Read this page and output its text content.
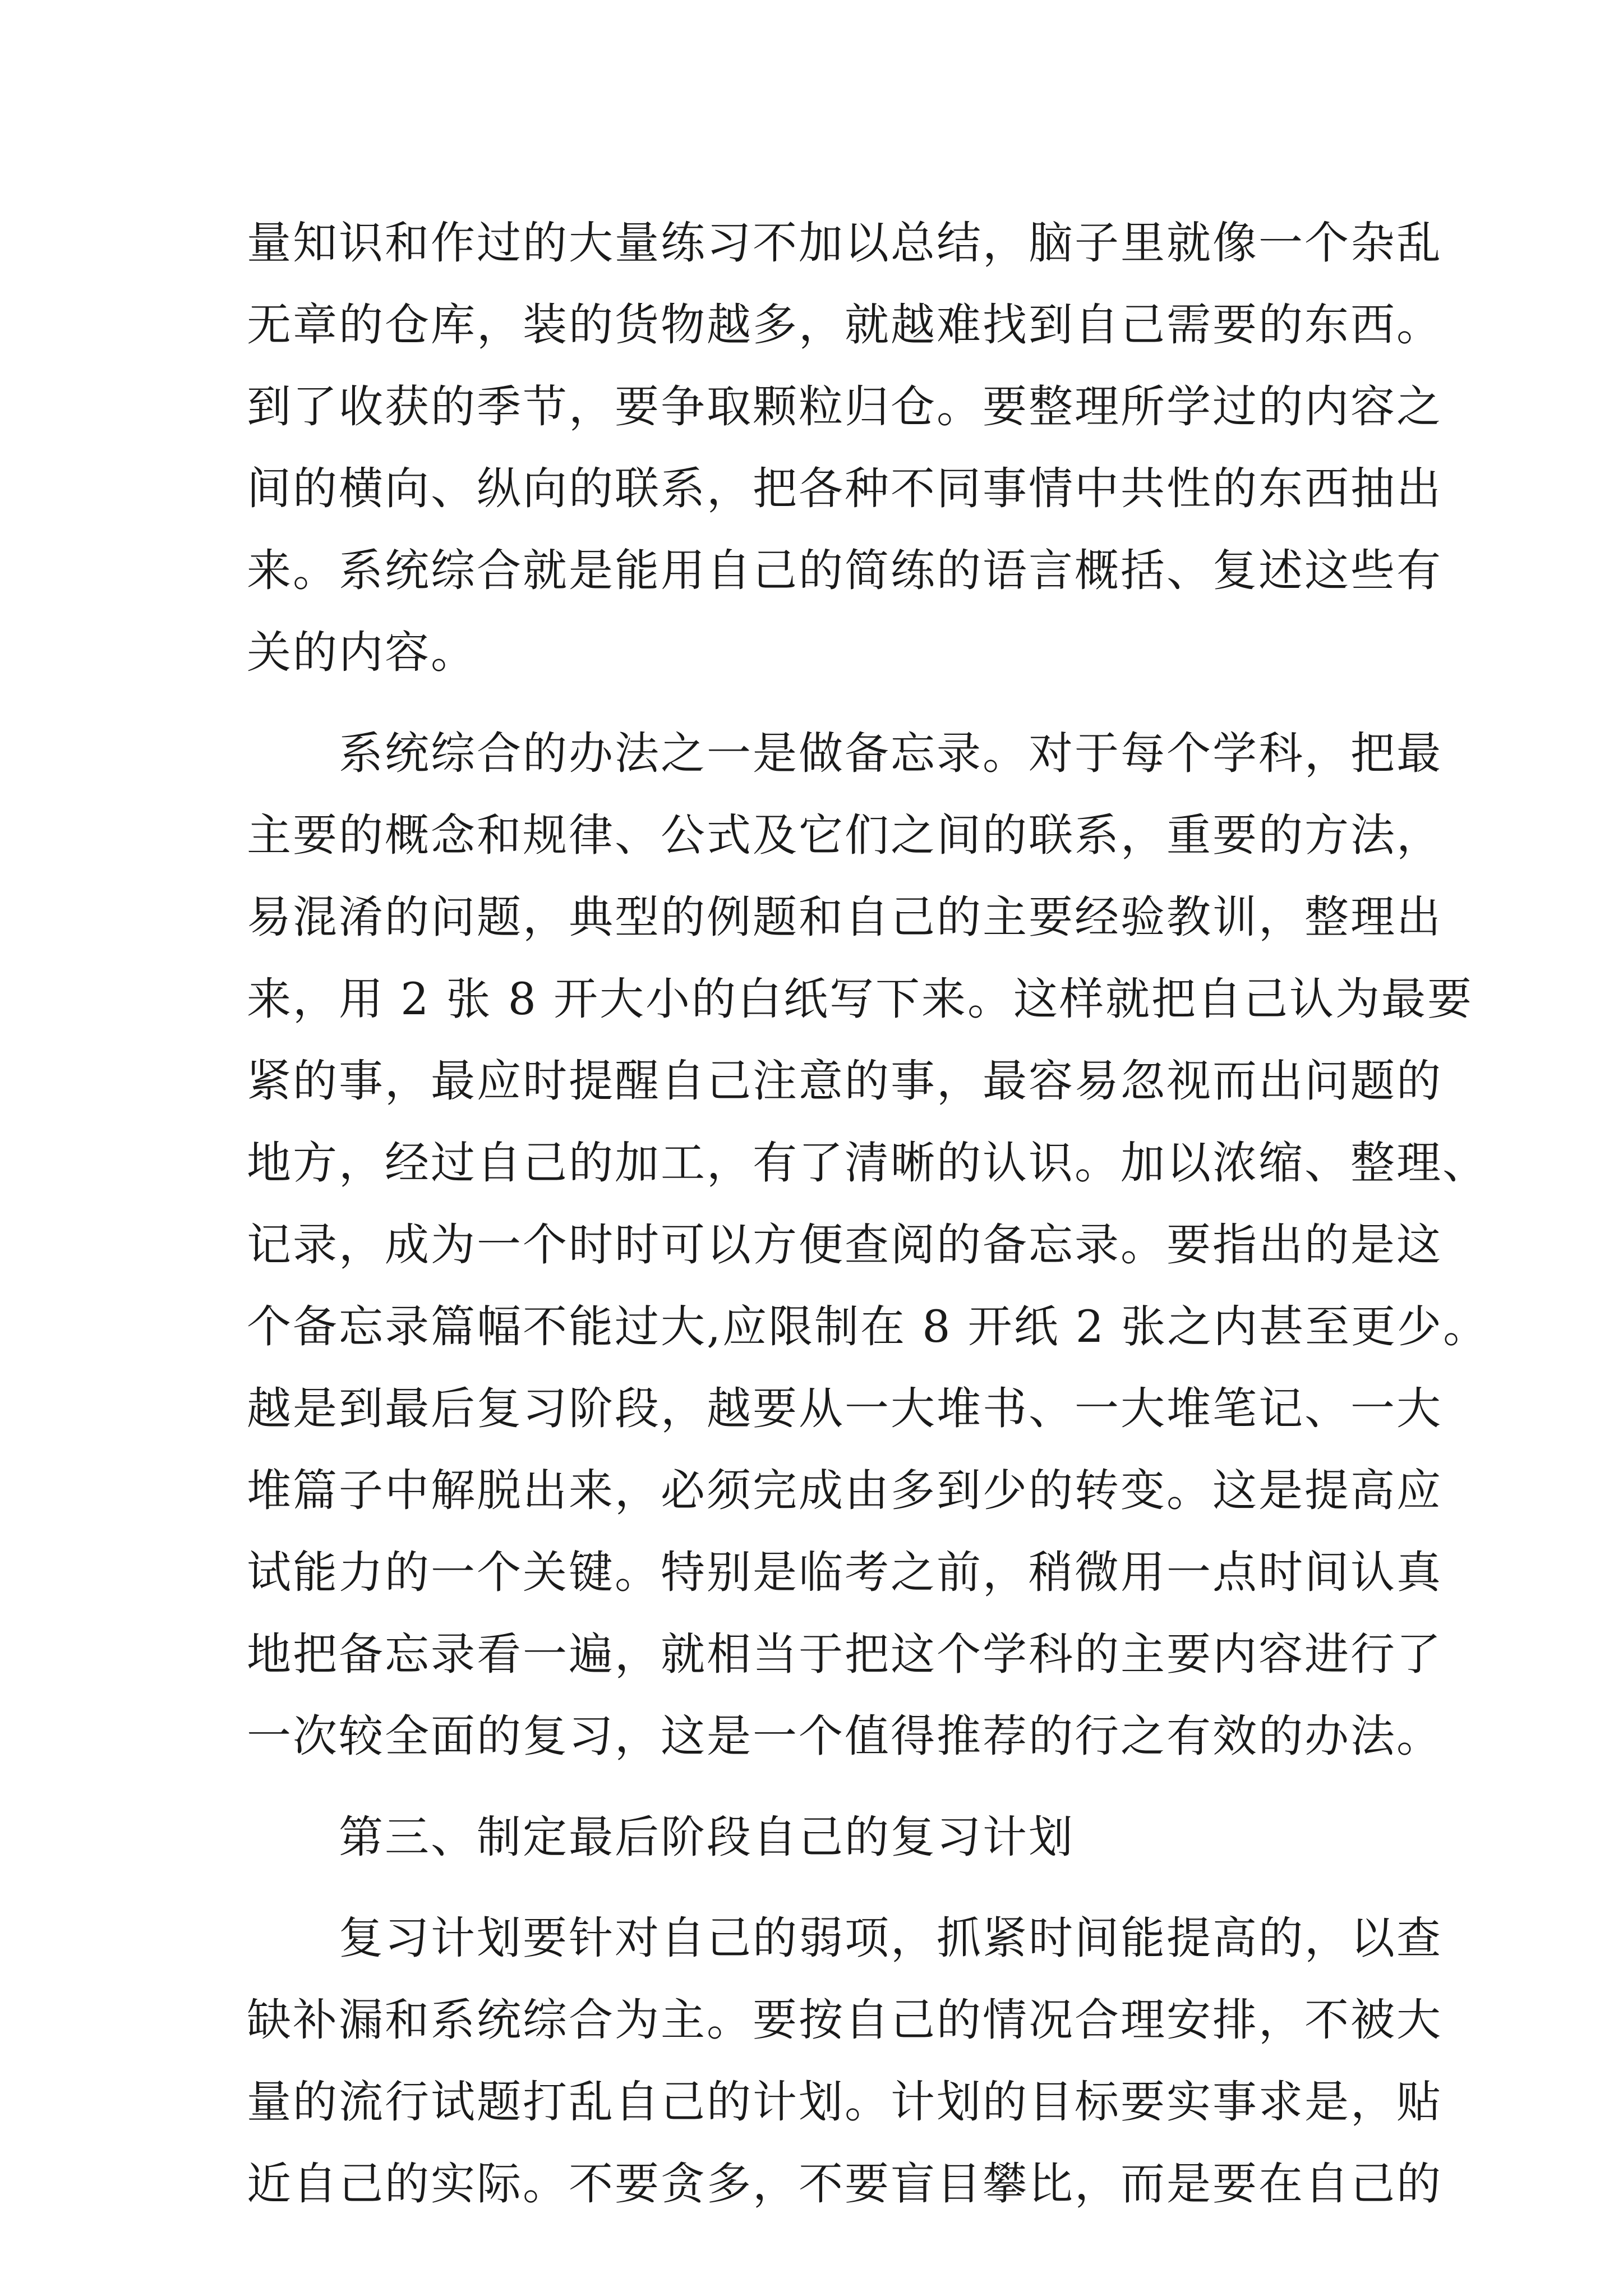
量知识和作过的大量练习不加以总结，脑子里就像一个杂乱
无章的仓库，装的货物越多，就越难找到自己需要的东西。
到了收获的季节，要争取颗粒归仓。要整理所学过的内容之
间的横向、纵向的联系，把各种不同事情中共性的东西抽出
来。系统综合就是能用自己的简练的语言概括、复述这些有
关的内容。
系统综合的办法之一是做备忘录。对于每个学科，把最
主要的概念和规律、公式及它们之间的联系，重要的方法，
易混淆的问题，典型的例题和自己的主要经验教训，整理出
来，用 2 张 8 开大小的白纸写下来。这样就把自己认为最要
紧的事，最应时提醒自己注意的事，最容易忽视而出问题的
地方，经过自己的加工，有了清晰的认识。加以浓缩、整理、
记录，成为一个时时可以方便查阅的备忘录。要指出的是这
个备忘录篇幅不能过大,应限制在 8 开纸 2 张之内甚至更少。
越是到最后复习阶段，越要从一大堆书、一大堆笔记、一大
堆篇子中解脱出来，必须完成由多到少的转变。这是提高应
试能力的一个关键。特别是临考之前，稍微用一点时间认真
地把备忘录看一遍，就相当于把这个学科的主要内容进行了
一次较全面的复习，这是一个值得推荐的行之有效的办法。
第三、制定最后阶段自己的复习计划
复习计划要针对自己的弱项，抓紧时间能提高的，以查
缺补漏和系统综合为主。要按自己的情况合理安排，不被大
量的流行试题打乱自己的计划。计划的目标要实事求是，贴
近自己的实际。不要贪多，不要盲目攀比，而是要在自己的
